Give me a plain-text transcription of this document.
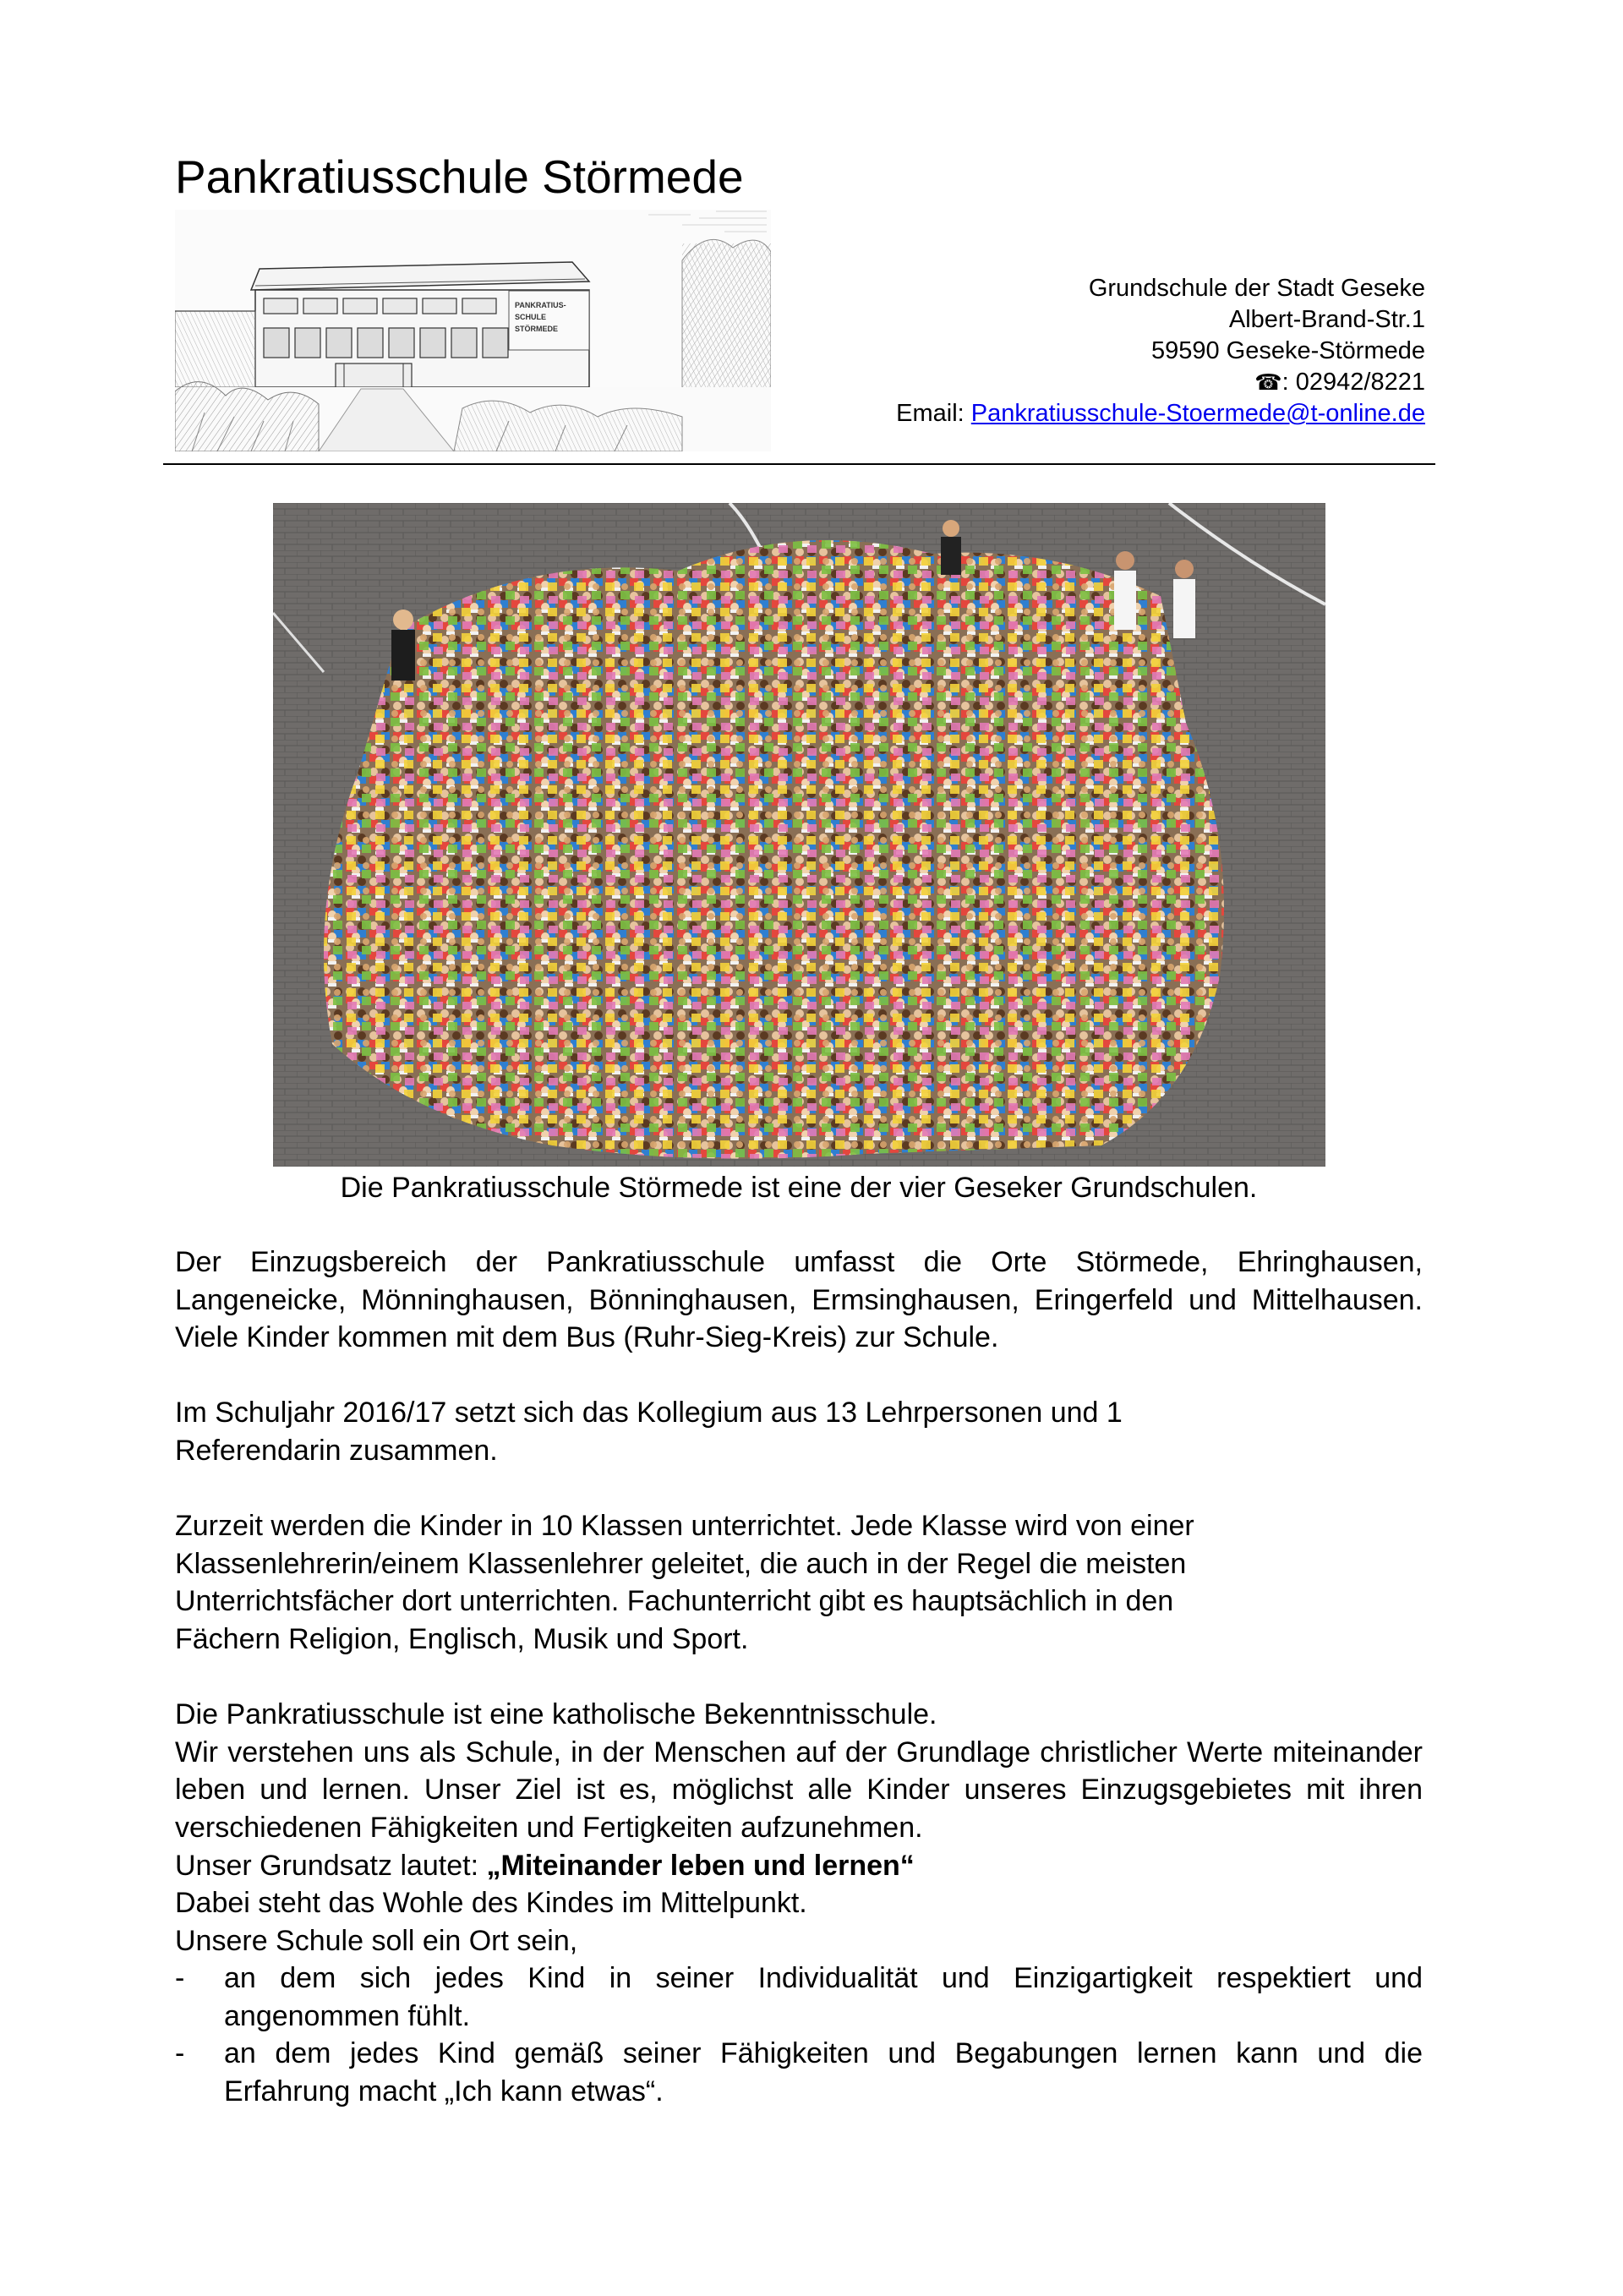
Pankratiusschule Störmede
PANKRATIUS-
SCHULE
STÖRMEDE
Grundschule der Stadt Geseke
Albert-Brand-Str.1
59590 Geseke-Störmede
☎: 02942/8221
Email: Pankratiusschule-Stoermede@t-online.de

Die Pankratiusschule Störmede ist eine der vier Geseker Grundschulen.

Der Einzugsbereich der Pankratiusschule umfasst die Orte Störmede, Ehringhausen, Langeneicke, Mönninghausen, Bönninghausen, Ermsinghausen, Eringerfeld und Mittelhausen. Viele Kinder kommen mit dem Bus (Ruhr-Sieg-Kreis) zur Schule.

Im Schuljahr 2016/17 setzt sich das Kollegium aus 13 Lehrpersonen und 1
Referendarin zusammen.

Zurzeit werden die Kinder in 10 Klassen unterrichtet. Jede Klasse wird von einer
Klassenlehrerin/einem Klassenlehrer geleitet, die auch in der Regel die meisten
Unterrichtsfächer dort unterrichten. Fachunterricht gibt es hauptsächlich in den
Fächern Religion, Englisch, Musik und Sport.

Die Pankratiusschule ist eine katholische Bekenntnisschule.
Wir verstehen uns als Schule, in der Menschen auf der Grundlage christlicher Werte miteinander leben und lernen. Unser Ziel ist es, möglichst alle Kinder unseres Einzugsgebietes mit ihren verschiedenen Fähigkeiten und Fertigkeiten aufzunehmen.
Unser Grundsatz lautet: „Miteinander leben und lernen“
Dabei steht das Wohle des Kindes im Mittelpunkt.
Unsere Schule soll ein Ort sein,
- an dem sich jedes Kind in seiner Individualität und Einzigartigkeit respektiert und angenommen fühlt.
- an dem jedes Kind gemäß seiner Fähigkeiten und Begabungen lernen kann und die Erfahrung macht „Ich kann etwas“.
